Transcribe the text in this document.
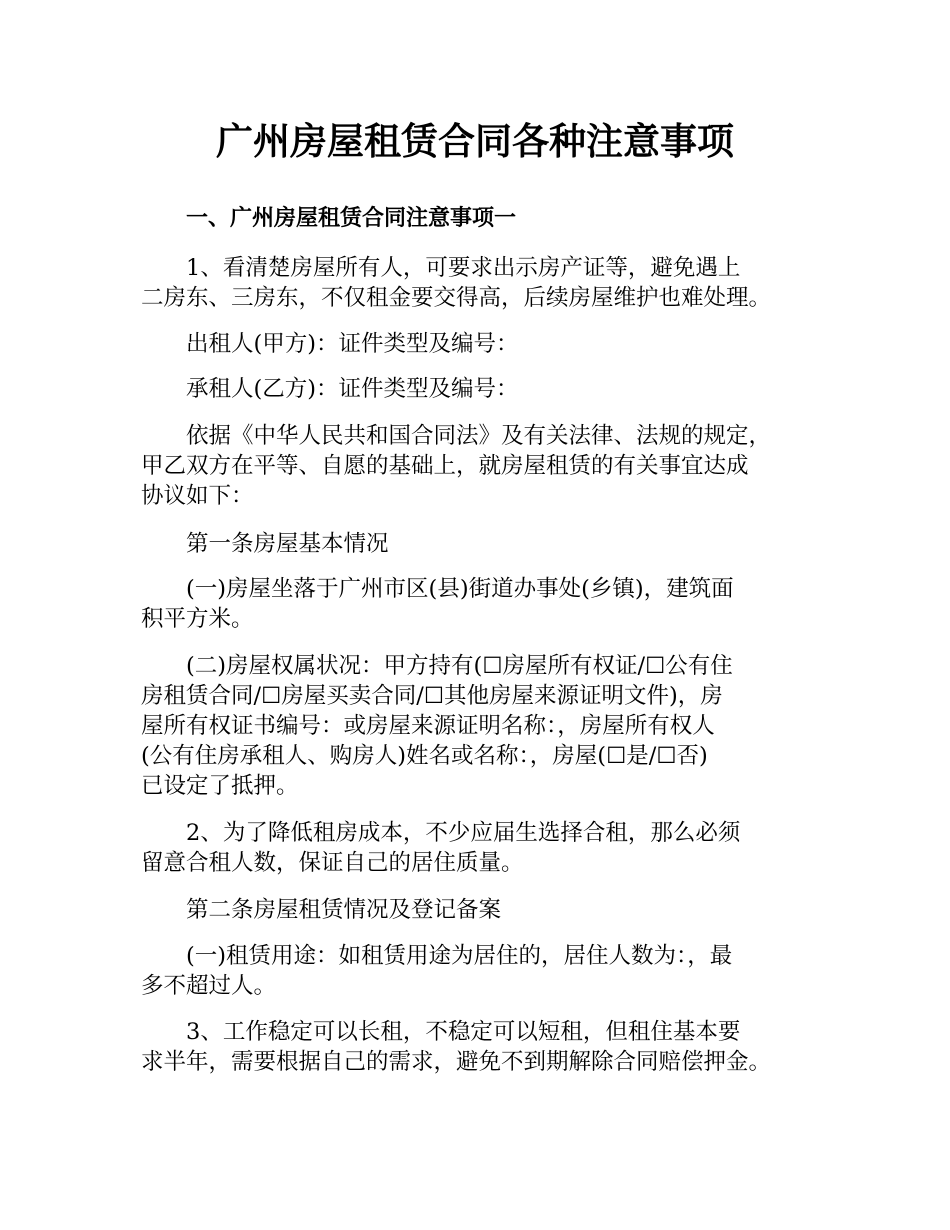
广州房屋租赁合同各种注意事项
一、广州房屋租赁合同注意事项一

1、看清楚房屋所有人，可要求出示房产证等，避免遇上
二房东、三房东，不仅租金要交得高，后续房屋维护也难处理。

出租人(甲方)：证件类型及编号：

承租人(乙方)：证件类型及编号：

依据《中华人民共和国合同法》及有关法律、法规的规定，
甲乙双方在平等、自愿的基础上，就房屋租赁的有关事宜达成
协议如下：

第一条房屋基本情况

(一)房屋坐落于广州市区(县)街道办事处(乡镇)，建筑面
积平方米。

(二)房屋权属状况：甲方持有(☐房屋所有权证/☐公有住
房租赁合同/☐房屋买卖合同/☐其他房屋来源证明文件)，房
屋所有权证书编号：或房屋来源证明名称：，房屋所有权人
(公有住房承租人、购房人)姓名或名称：，房屋(☐是/☐否)
已设定了抵押。

2、为了降低租房成本，不少应届生选择合租，那么必须
留意合租人数，保证自己的居住质量。

第二条房屋租赁情况及登记备案

(一)租赁用途：如租赁用途为居住的，居住人数为：，最
多不超过人。

3、工作稳定可以长租，不稳定可以短租，但租住基本要
求半年，需要根据自己的需求，避免不到期解除合同赔偿押金。
